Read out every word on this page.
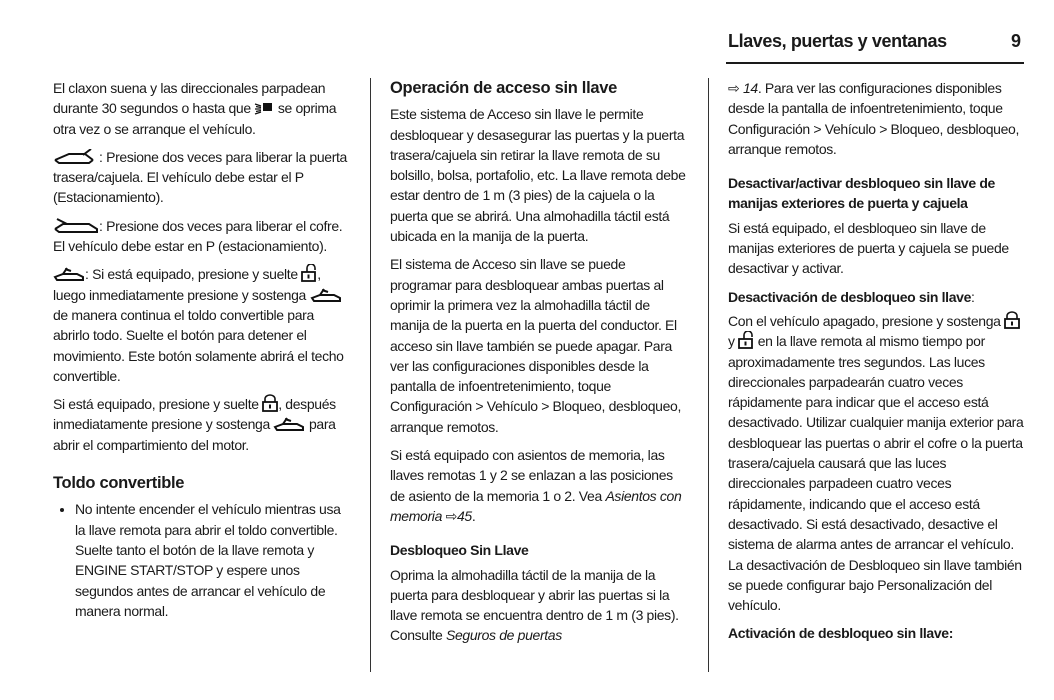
Llaves, puertas y ventanas	9

El claxon suena y las direccionales parpadean durante 30 segundos o hasta que  se oprima otra vez o se arranque el vehículo.

: Presione dos veces para liberar la puerta trasera/cajuela. El vehículo debe estar el P (Estacionamiento).

: Presione dos veces para liberar el cofre. El vehículo debe estar en P (estacionamiento).

: Si está equipado, presione y suelte , luego inmediatamente presione y sostenga  de manera continua el toldo convertible para abrirlo todo. Suelte el botón para detener el movimiento. Este botón solamente abrirá el techo convertible.

Si está equipado, presione y suelte , después inmediatamente presione y sostenga  para abrir el compartimiento del motor.

Toldo convertible
• No intente encender el vehículo mientras usa la llave remota para abrir el toldo convertible. Suelte tanto el botón de la llave remota y ENGINE START/STOP y espere unos segundos antes de arrancar el vehículo de manera normal.
Operación de acceso sin llave

Este sistema de Acceso sin llave le permite desbloquear y desasegurar las puertas y la puerta trasera/cajuela sin retirar la llave remota de su bolsillo, bolsa, portafolio, etc. La llave remota debe estar dentro de 1 m (3 pies) de la cajuela o la puerta que se abrirá. Una almohadilla táctil está ubicada en la manija de la puerta.

El sistema de Acceso sin llave se puede programar para desbloquear ambas puertas al oprimir la primera vez la almohadilla táctil de manija de la puerta en la puerta del conductor. El acceso sin llave también se puede apagar. Para ver las configuraciones disponibles desde la pantalla de infoentretenimiento, toque Configuración > Vehículo > Bloqueo, desbloqueo, arranque remotos.

Si está equipado con asientos de memoria, las llaves remotas 1 y 2 se enlazan a las posiciones de asiento de la memoria 1 o 2. Vea Asientos con memoria ⇨45.

Desbloqueo Sin Llave

Oprima la almohadilla táctil de la manija de la puerta para desbloquear y abrir las puertas si la llave remota se encuentra dentro de 1 m (3 pies). Consulte Seguros de puertas

⇨ 14. Para ver las configuraciones disponibles desde la pantalla de infoentretenimiento, toque Configuración > Vehículo > Bloqueo, desbloqueo, arranque remotos.

Desactivar/activar desbloqueo sin llave de manijas exteriores de puerta y cajuela

Si está equipado, el desbloqueo sin llave de manijas exteriores de puerta y cajuela se puede desactivar y activar.

Desactivación de desbloqueo sin llave:

Con el vehículo apagado, presione y sostenga  y  en la llave remota al mismo tiempo por aproximadamente tres segundos. Las luces direccionales parpadearán cuatro veces rápidamente para indicar que el acceso está desactivado. Utilizar cualquier manija exterior para desbloquear las puertas o abrir el cofre o la puerta trasera/cajuela causará que las luces direccionales parpadeen cuatro veces rápidamente, indicando que el acceso está desactivado. Si está desactivado, desactive el sistema de alarma antes de arrancar el vehículo. La desactivación de Desbloqueo sin llave también se puede configurar bajo Personalización del vehículo.

Activación de desbloqueo sin llave:
